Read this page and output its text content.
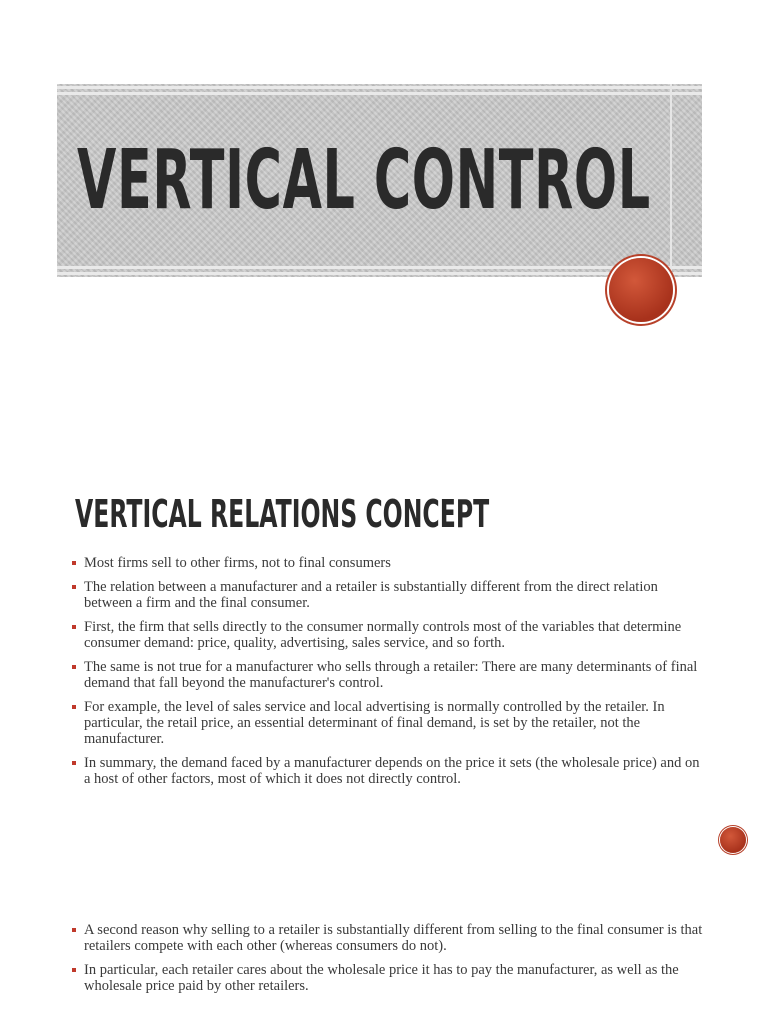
VERTICAL CONTROL
VERTICAL RELATIONS CONCEPT
Most firms sell to other firms, not to final consumers
The relation between a manufacturer and a retailer is substantially different from the direct relation between a firm and the final consumer.
First, the firm that sells directly to the consumer normally controls most of the variables that determine consumer demand: price, quality, advertising, sales service, and so forth.
The same is not true for a manufacturer who sells through a retailer: There are many determinants of final demand that fall beyond the manufacturer's control.
For example, the level of sales service and local advertising is normally controlled by the retailer. In particular, the retail price, an essential determinant of final demand, is set by the retailer, not the manufacturer.
In summary, the demand faced by a manufacturer depends on the price it sets (the wholesale price) and on a host of other factors, most of which it does not directly control.
A second reason why selling to a retailer is substantially different from selling to the final consumer is that retailers compete with each other (whereas consumers do not).
In particular, each retailer cares about the wholesale price it has to pay the manufacturer, as well as the wholesale price paid by other retailers.
